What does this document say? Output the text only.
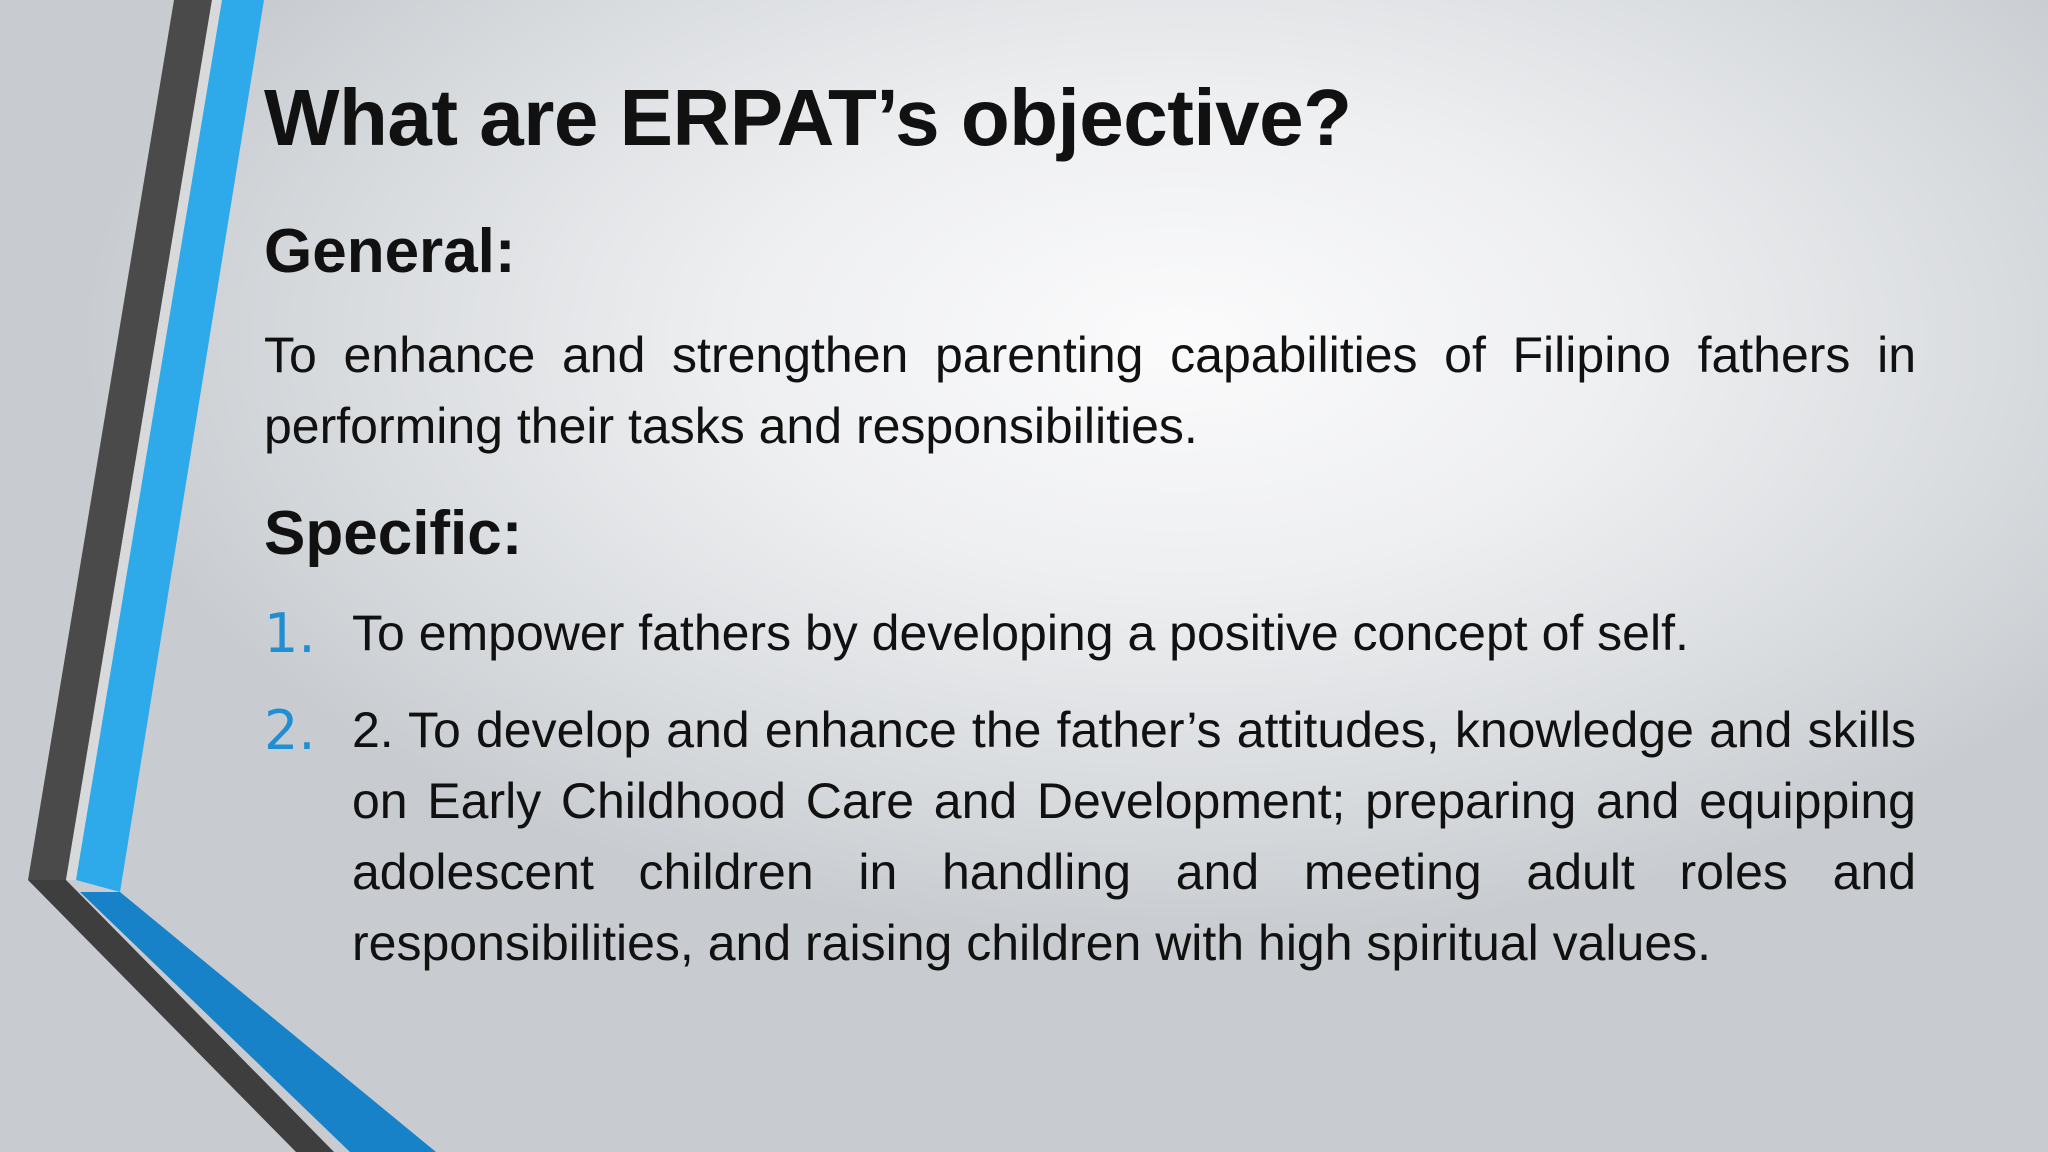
What are ERPAT’s objective?
General:

To enhance and strengthen parenting capabilities of Filipino fathers in performing their tasks and responsibilities.

Specific:
1. To empower fathers by developing a positive concept of self.
2. 2. To develop and enhance the father’s attitudes, knowledge and skills on Early Childhood Care and Development; preparing and equipping adolescent children in handling and meeting adult roles and responsibilities, and raising children with high spiritual values.
